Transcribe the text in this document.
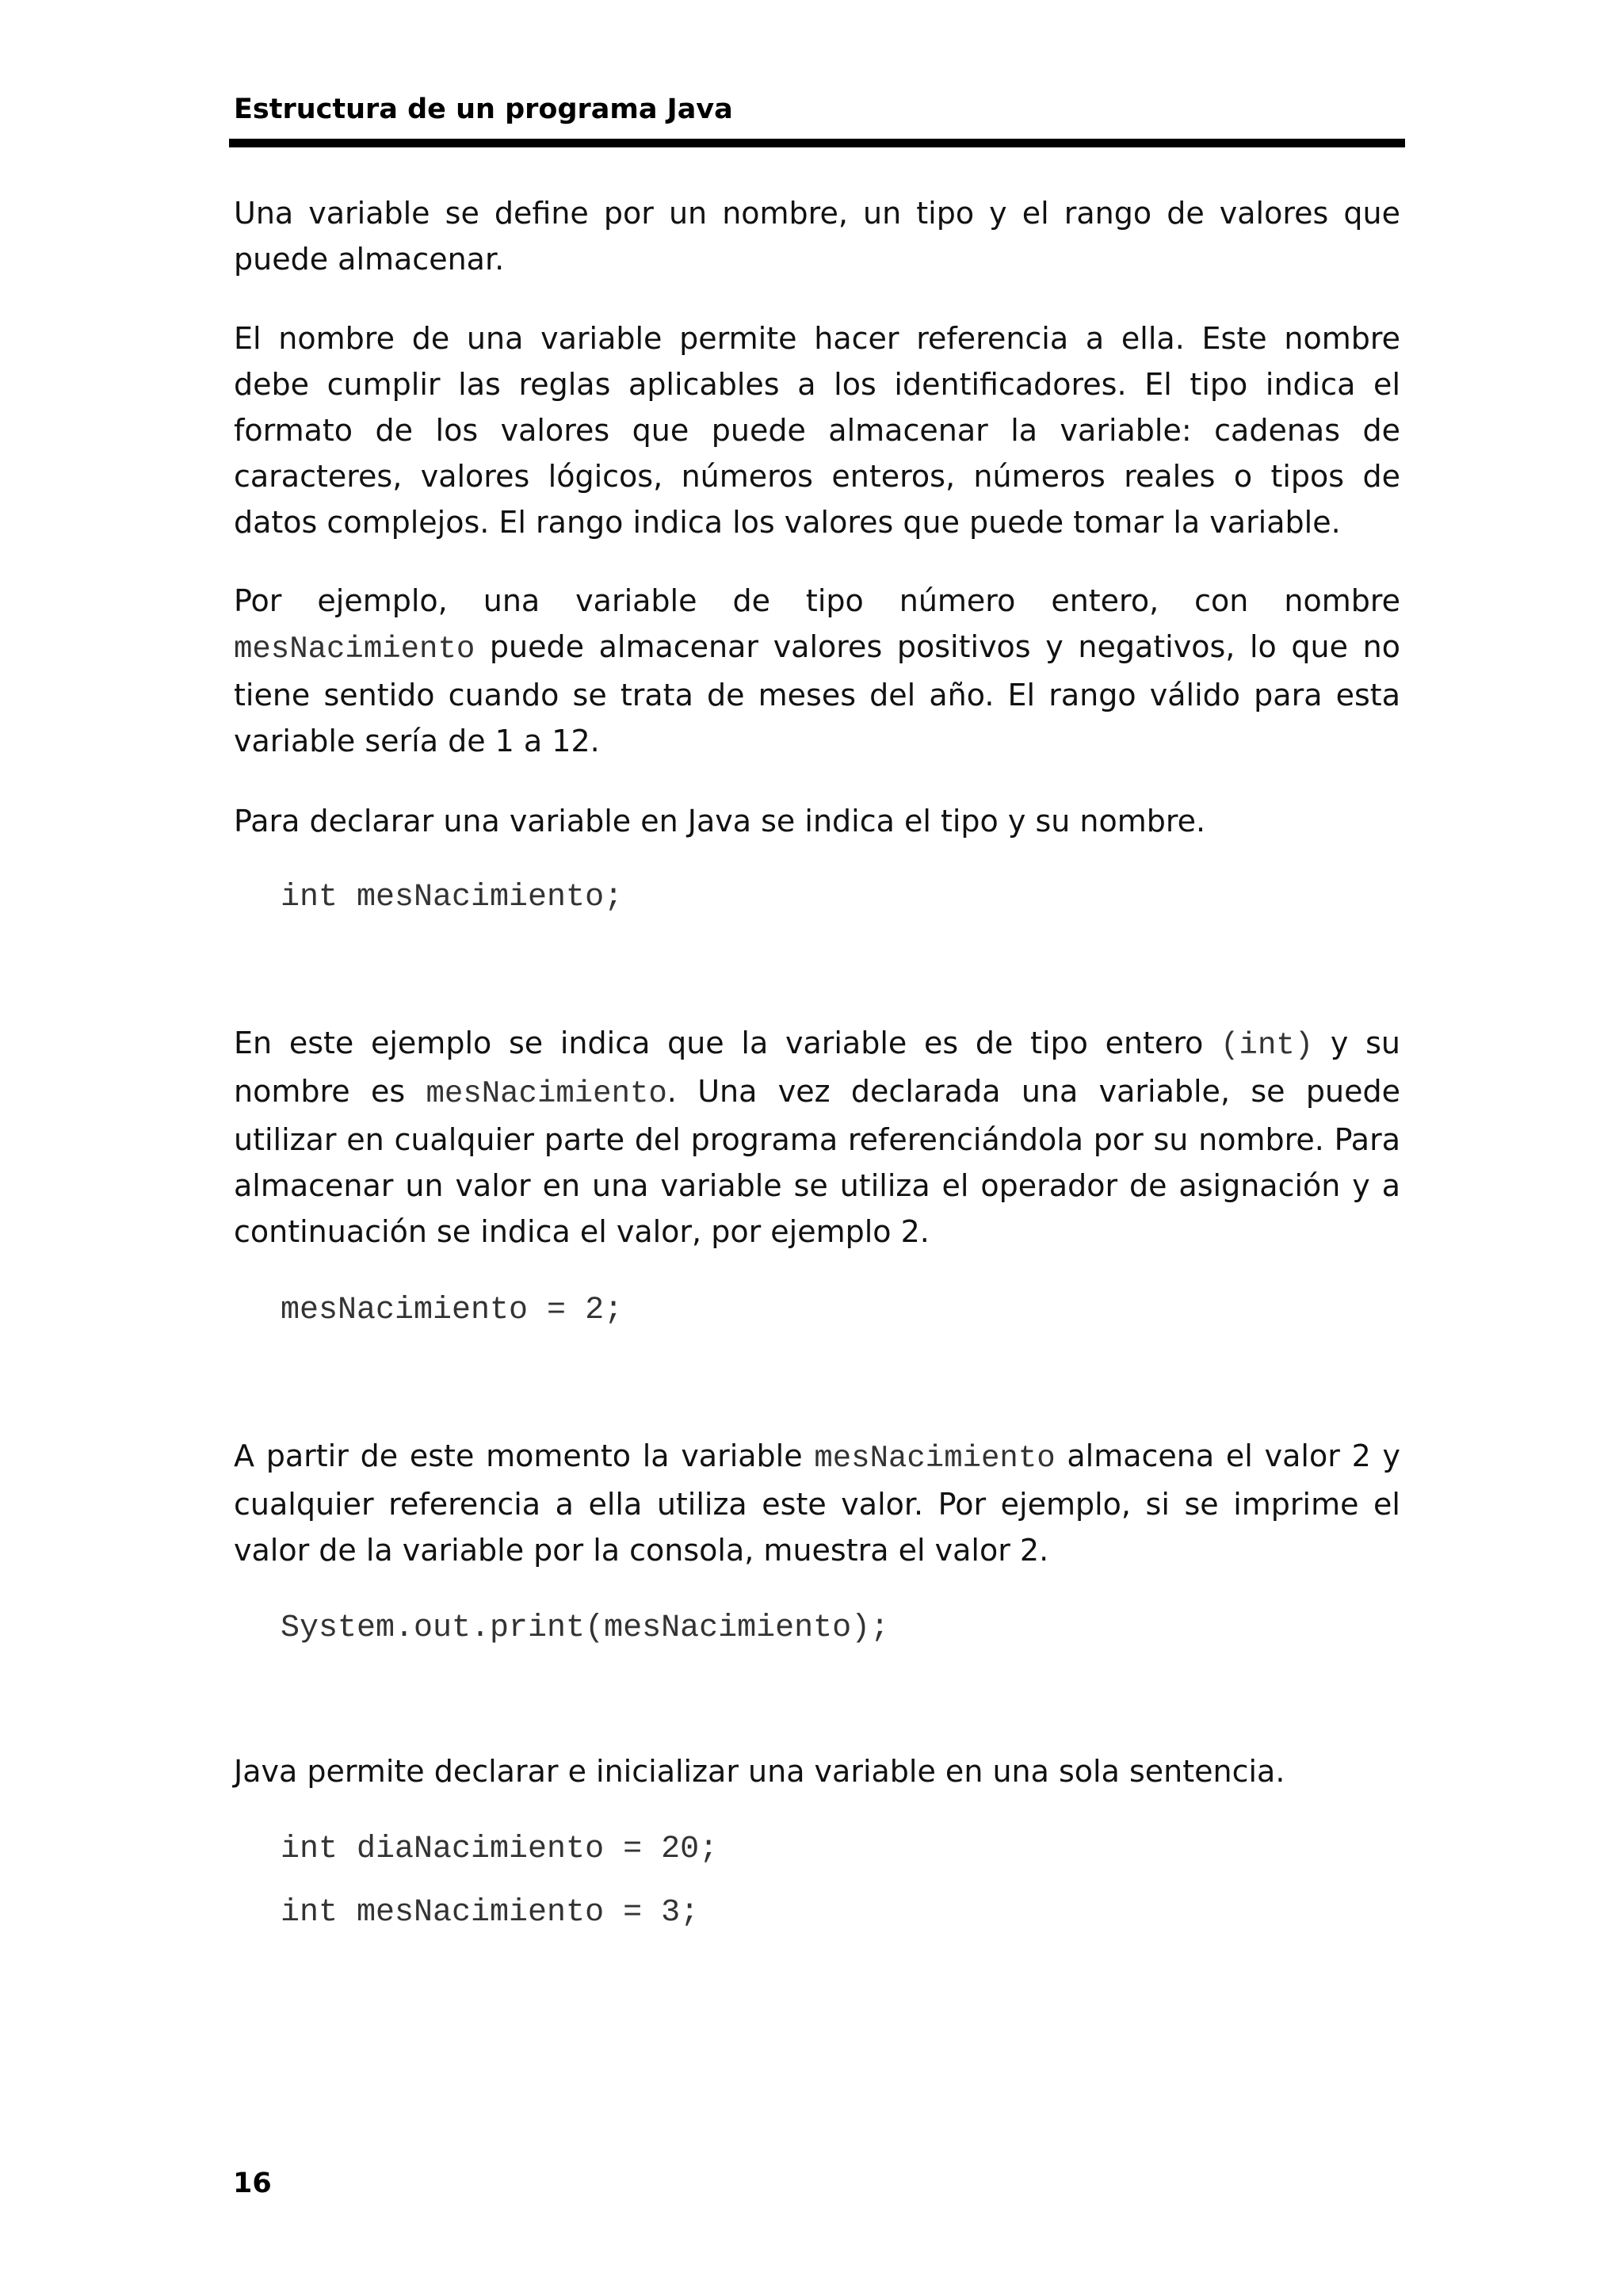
Estructura de un programa Java

Una variable se define por un nombre, un tipo y el rango de valores que puede almacenar.

El nombre de una variable permite hacer referencia a ella. Este nombre debe cumplir las reglas aplicables a los identificadores. El tipo indica el formato de los valores que puede almacenar la variable: cadenas de caracteres, valores lógicos, números enteros, números reales o tipos de datos complejos. El rango indica los valores que puede tomar la variable.

Por ejemplo, una variable de tipo número entero, con nombre mesNacimiento puede almacenar valores positivos y negativos, lo que no tiene sentido cuando se trata de meses del año. El rango válido para esta variable sería de 1 a 12.

Para declarar una variable en Java se indica el tipo y su nombre.

int mesNacimiento;

En este ejemplo se indica que la variable es de tipo entero (int) y su nombre es mesNacimiento. Una vez declarada una variable, se puede utilizar en cualquier parte del programa referenciándola por su nombre. Para almacenar un valor en una variable se utiliza el operador de asignación y a continuación se indica el valor, por ejemplo 2.

mesNacimiento = 2;

A partir de este momento la variable mesNacimiento almacena el valor 2 y cualquier referencia a ella utiliza este valor. Por ejemplo, si se imprime el valor de la variable por la consola, muestra el valor 2.

System.out.print(mesNacimiento);

Java permite declarar e inicializar una variable en una sola sentencia.

int diaNacimiento = 20;
int mesNacimiento = 3;
16
